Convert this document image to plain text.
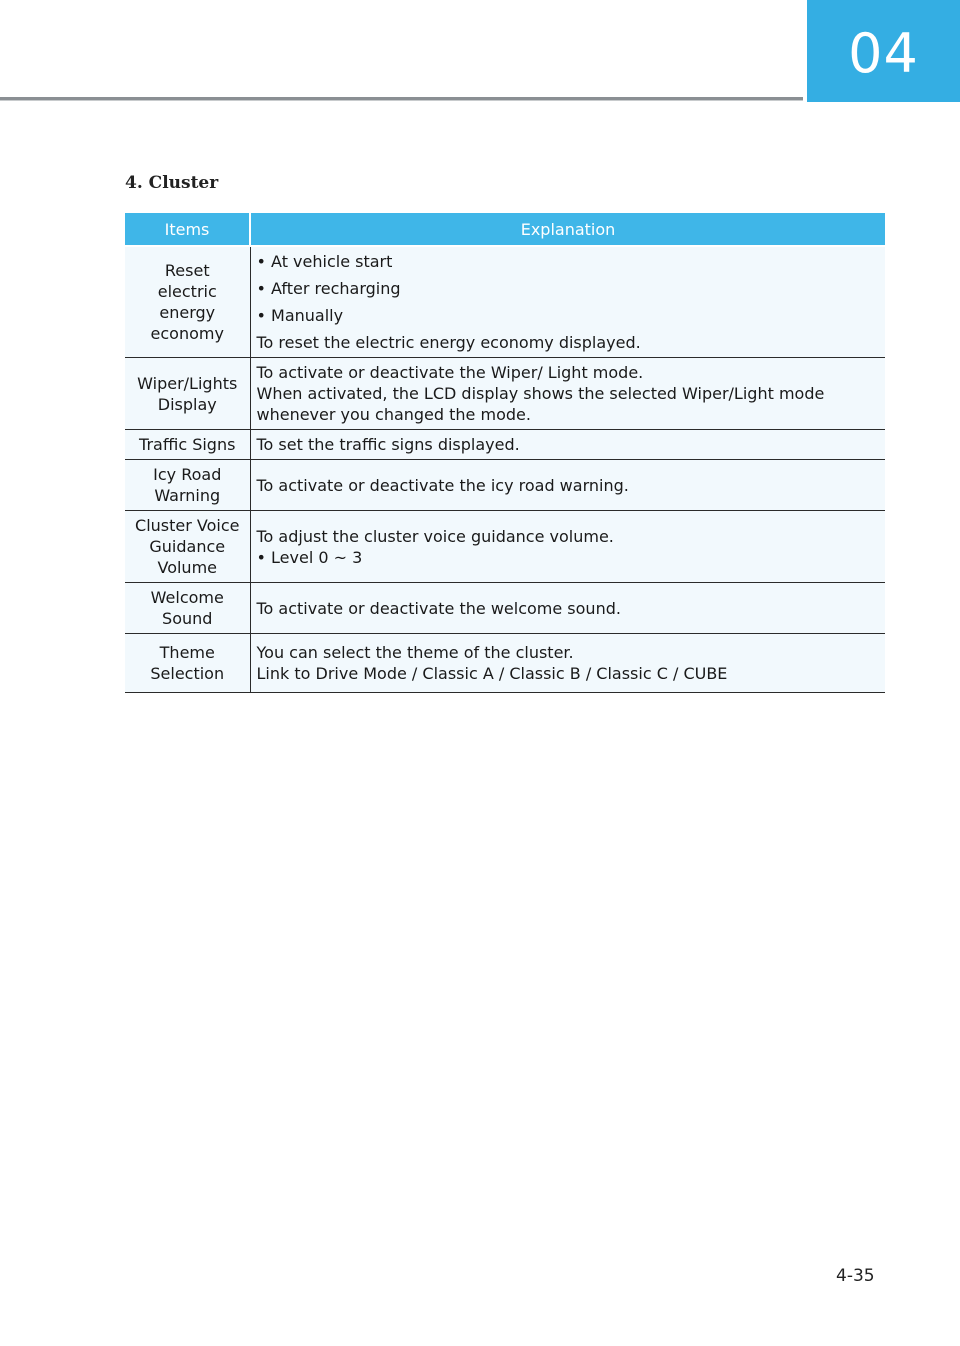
04
4. Cluster
Items	Explanation

Reset
electric
energy
economy	• At vehicle start
• After recharging
• Manually
To reset the electric energy economy displayed.

Wiper/Lights
Display	To activate or deactivate the Wiper/ Light mode.
When activated, the LCD display shows the selected Wiper/Light mode
whenever you changed the mode.

Traffic Signs	To set the traffic signs displayed.

Icy Road
Warning	To activate or deactivate the icy road warning.

Cluster Voice
Guidance
Volume	To adjust the cluster voice guidance volume.
• Level 0 ~ 3

Welcome
Sound	To activate or deactivate the welcome sound.

Theme
Selection	You can select the theme of the cluster.
Link to Drive Mode / Classic A / Classic B / Classic C / CUBE
4-35
